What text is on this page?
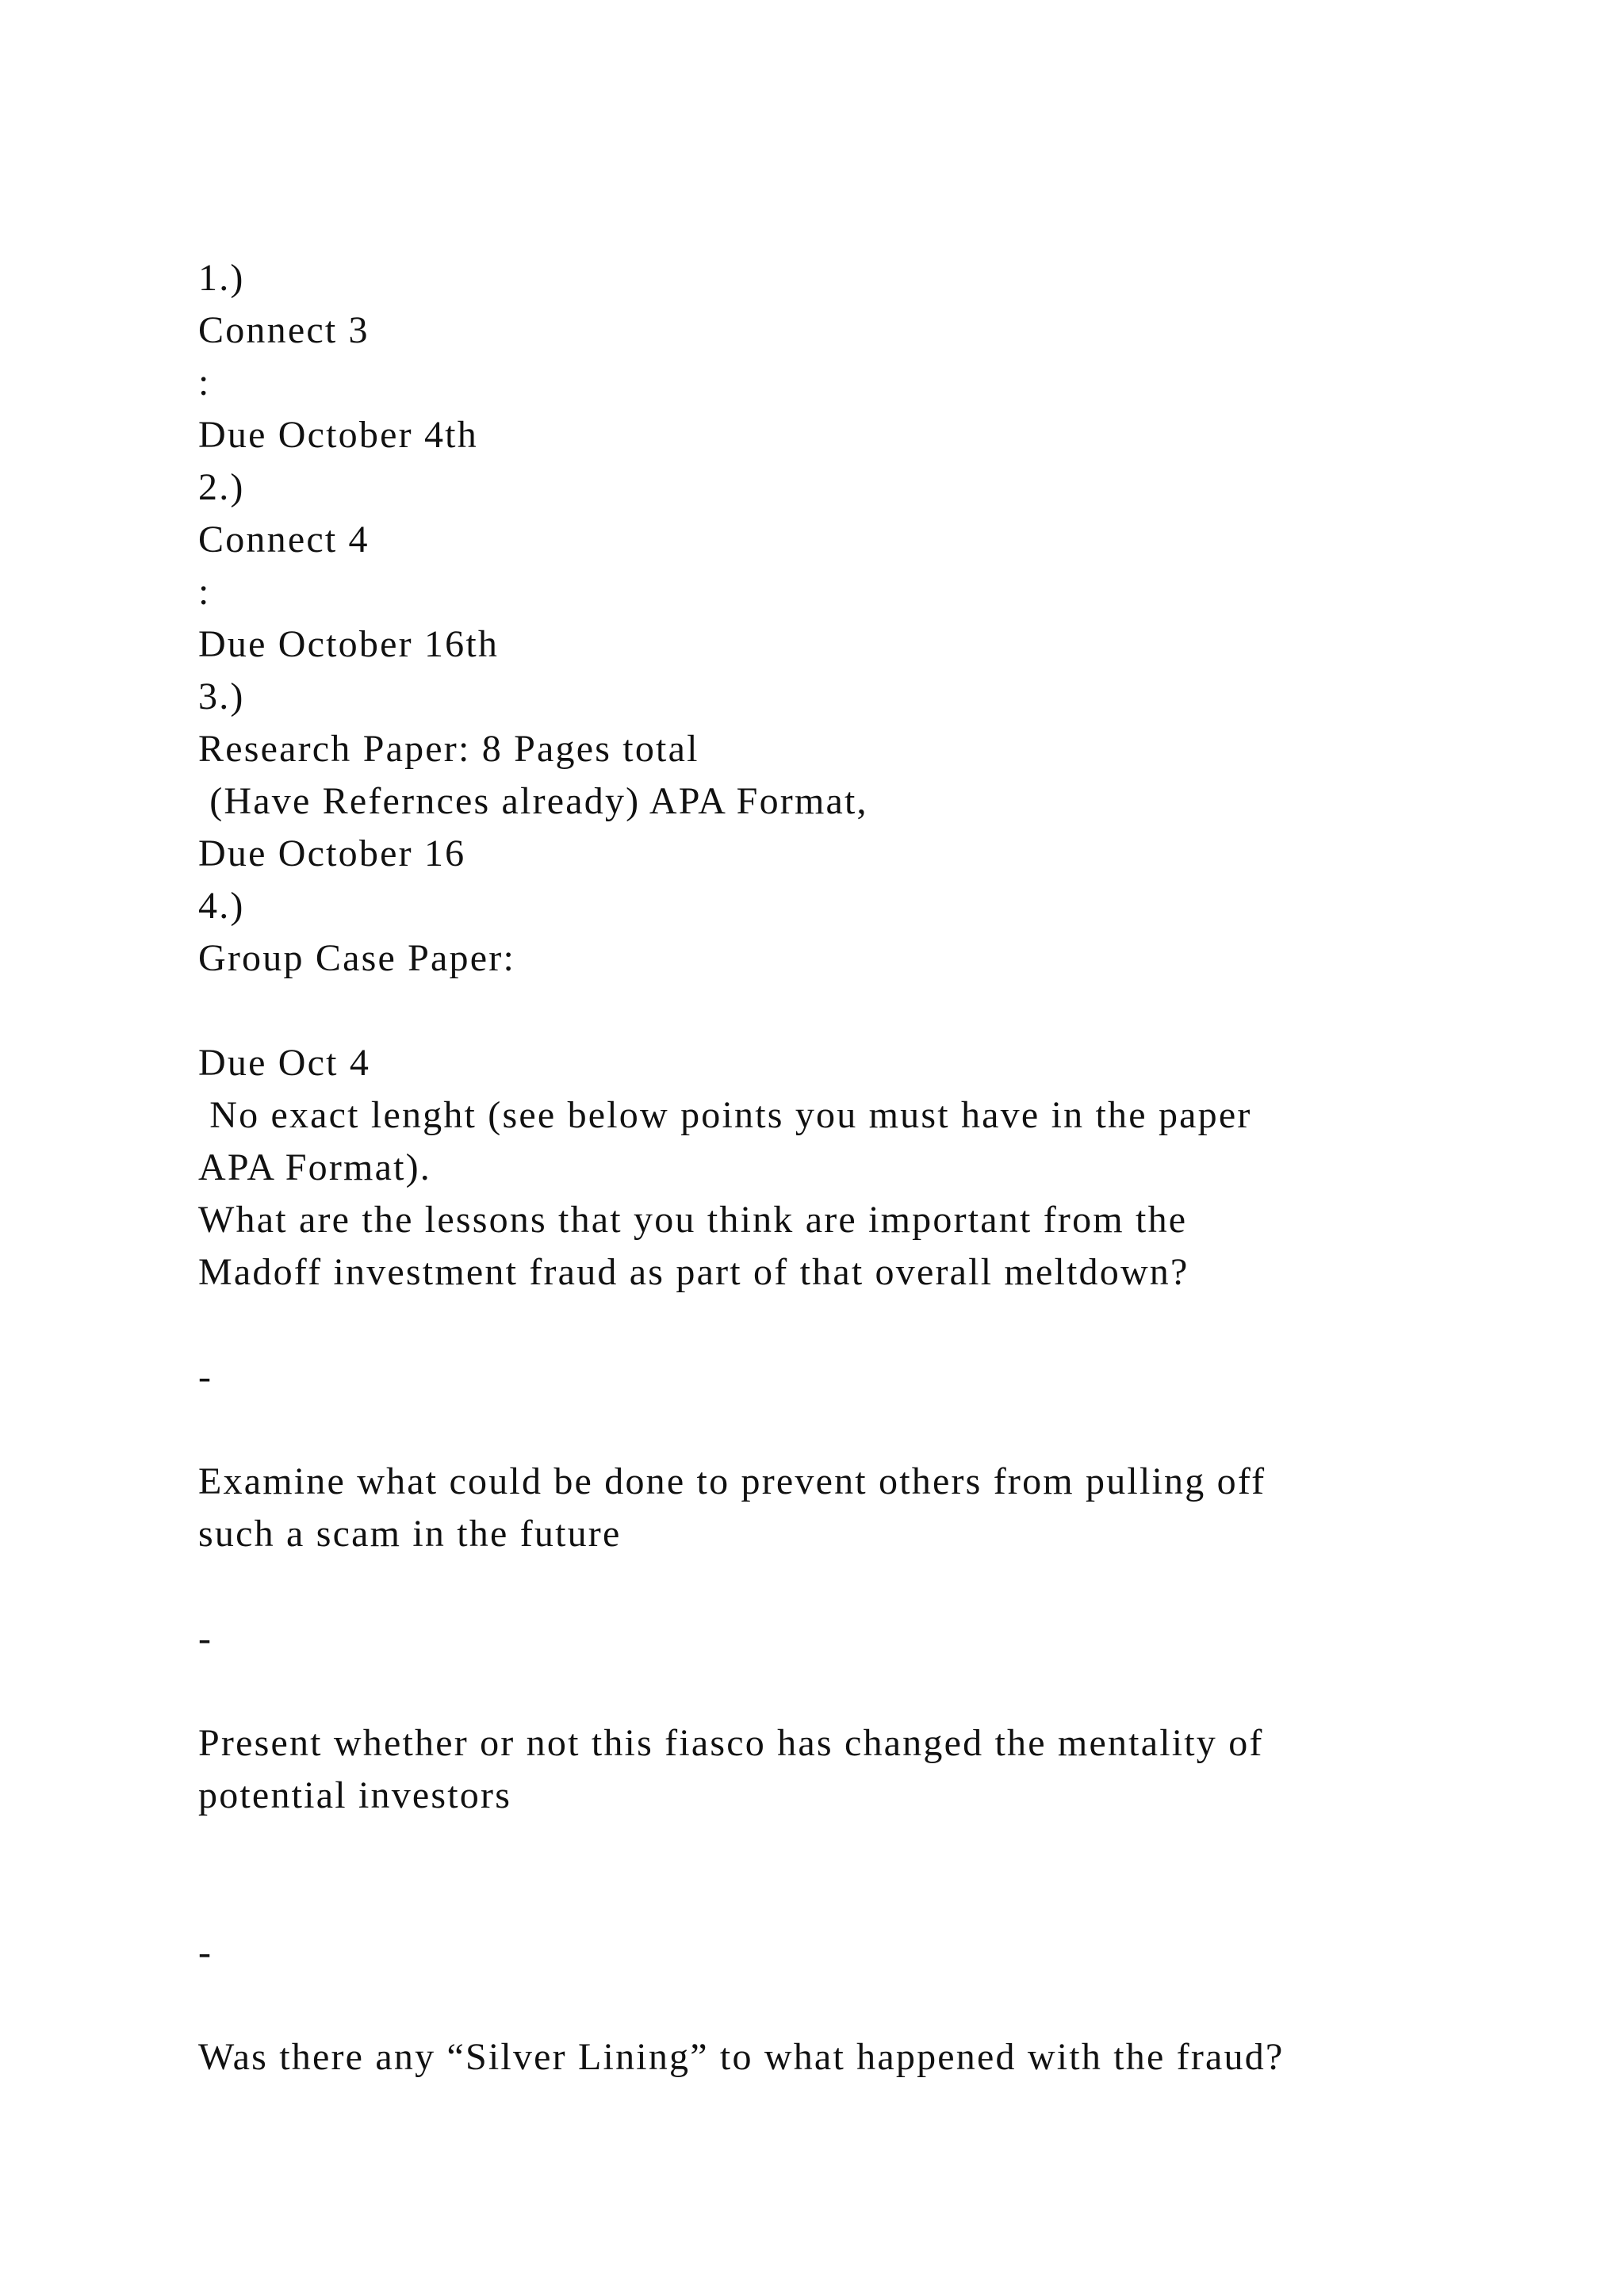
1.)
Connect 3
:
Due October 4th
2.)
Connect 4
:
Due October 16th
3.)
Research Paper: 8 Pages total
(Have Refernces already) APA Format,
Due October 16
4.)
Group Case Paper:
Due Oct 4
No exact lenght (see below points you must have in the paper
APA Format).
What are the lessons that you think are important from the
Madoff investment fraud as part of that overall meltdown?
-
Examine what could be done to prevent others from pulling off
such a scam in the future
-
Present whether or not this fiasco has changed the mentality of
potential investors
-
Was there any “Silver Lining” to what happened with the fraud?
